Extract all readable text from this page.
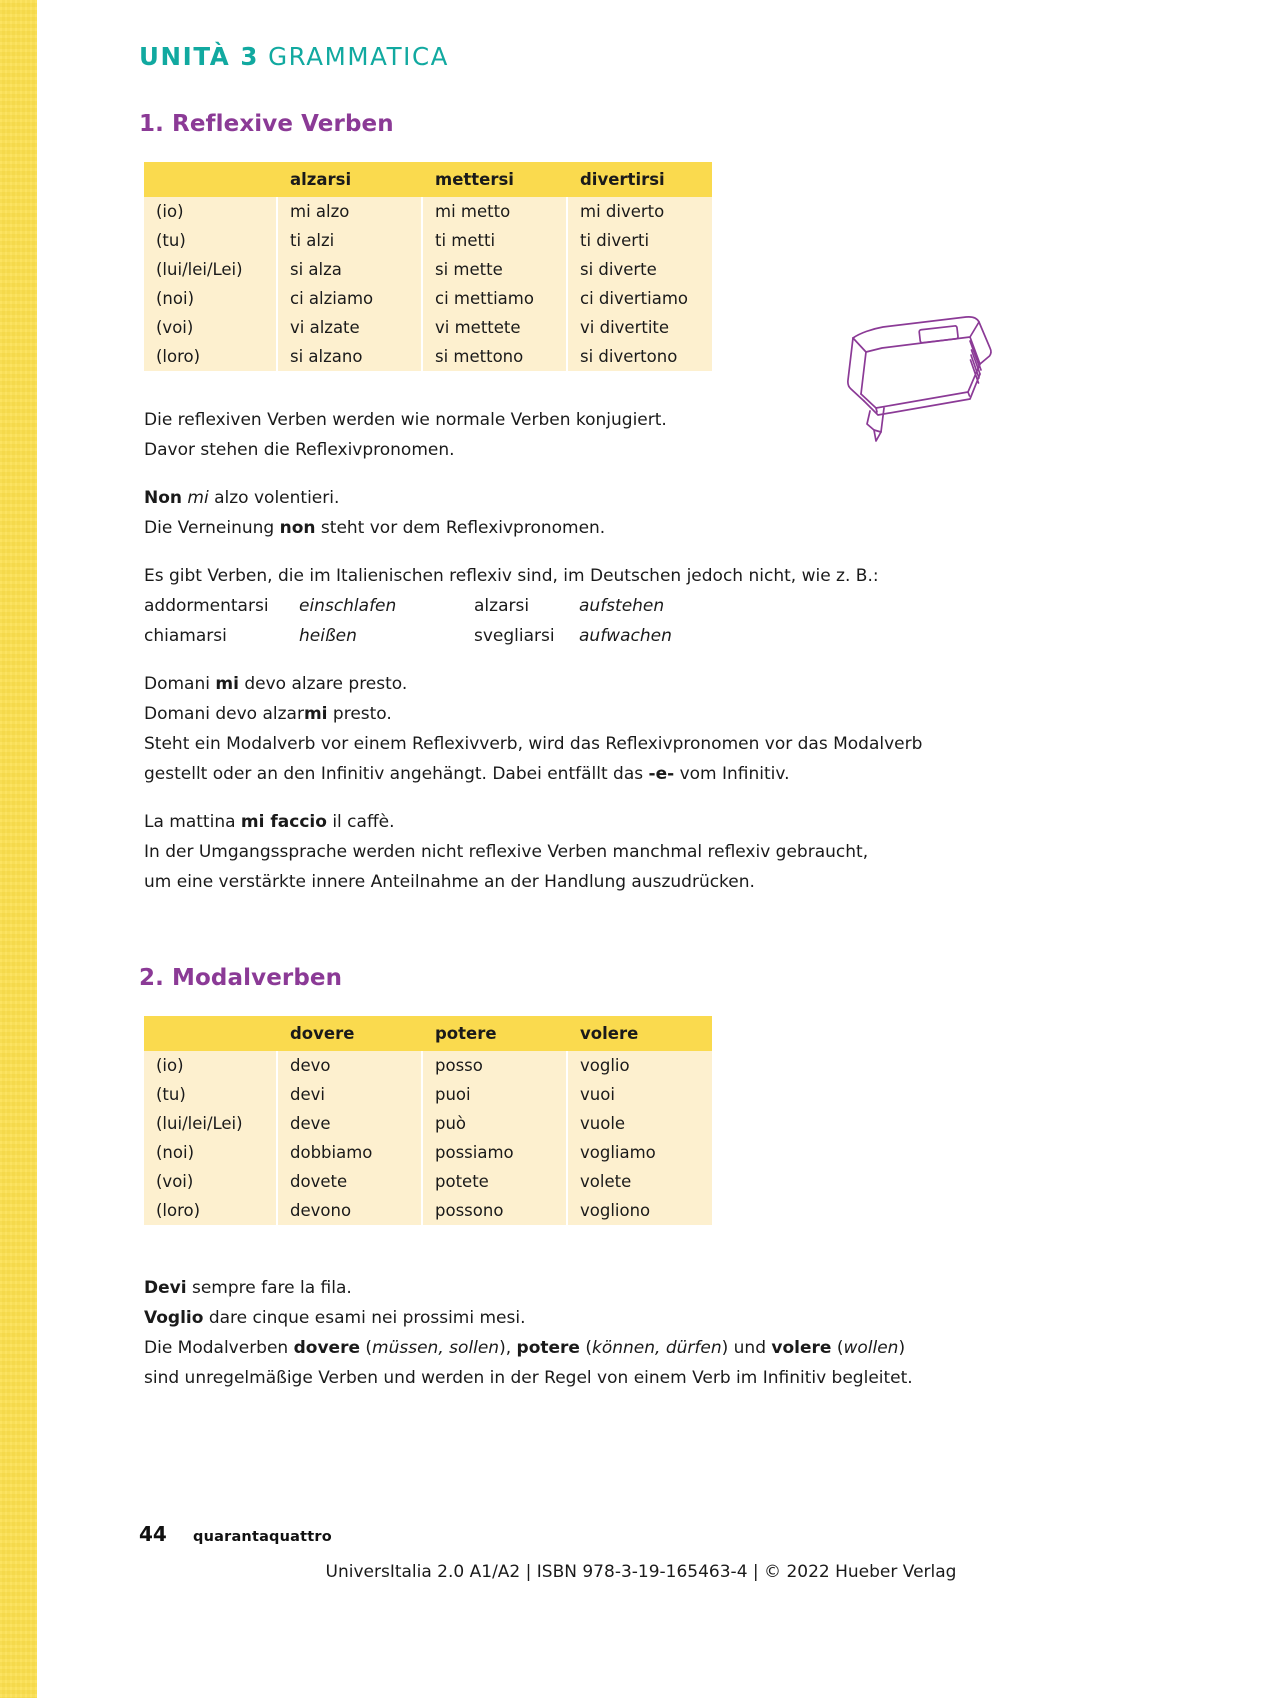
UNITÀ 3 GRAMMATICA
1. Reflexive Verben
	alzarsi	mettersi	divertirsi
(io)	mi alzo	mi metto	mi diverto
(tu)	ti alzi	ti metti	ti diverti
(lui/lei/Lei)	si alza	si mette	si diverte
(noi)	ci alziamo	ci mettiamo	ci divertiamo
(voi)	vi alzate	vi mettete	vi divertite
(loro)	si alzano	si mettono	si divertono
Die reflexiven Verben werden wie normale Verben konjugiert.
Davor stehen die Reflexivpronomen.
Non mi alzo volentieri.
Die Verneinung non steht vor dem Reflexivpronomen.
Es gibt Verben, die im Italienischen reflexiv sind, im Deutschen jedoch nicht, wie z. B.:
addormentarsi	einschlafen	alzarsi	aufstehen
chiamarsi	heißen	svegliarsi	aufwachen
Domani mi devo alzare presto.
Domani devo alzarmi presto.
Steht ein Modalverb vor einem Reflexivverb, wird das Reflexivpronomen vor das Modalverb
gestellt oder an den Infinitiv angehängt. Dabei entfällt das -e- vom Infinitiv.
La mattina mi faccio il caffè.
In der Umgangssprache werden nicht reflexive Verben manchmal reflexiv gebraucht,
um eine verstärkte innere Anteilnahme an der Handlung auszudrücken.
2. Modalverben
	dovere	potere	volere
(io)	devo	posso	voglio
(tu)	devi	puoi	vuoi
(lui/lei/Lei)	deve	può	vuole
(noi)	dobbiamo	possiamo	vogliamo
(voi)	dovete	potete	volete
(loro)	devono	possono	vogliono
Devi sempre fare la fila.
Voglio dare cinque esami nei prossimi mesi.
Die Modalverben dovere (müssen, sollen), potere (können, dürfen) und volere (wollen)
sind unregelmäßige Verben und werden in der Regel von einem Verb im Infinitiv begleitet.
44	quarantaquattro
UniversItalia 2.0 A1/A2 | ISBN 978-3-19-165463-4 | © 2022 Hueber Verlag
